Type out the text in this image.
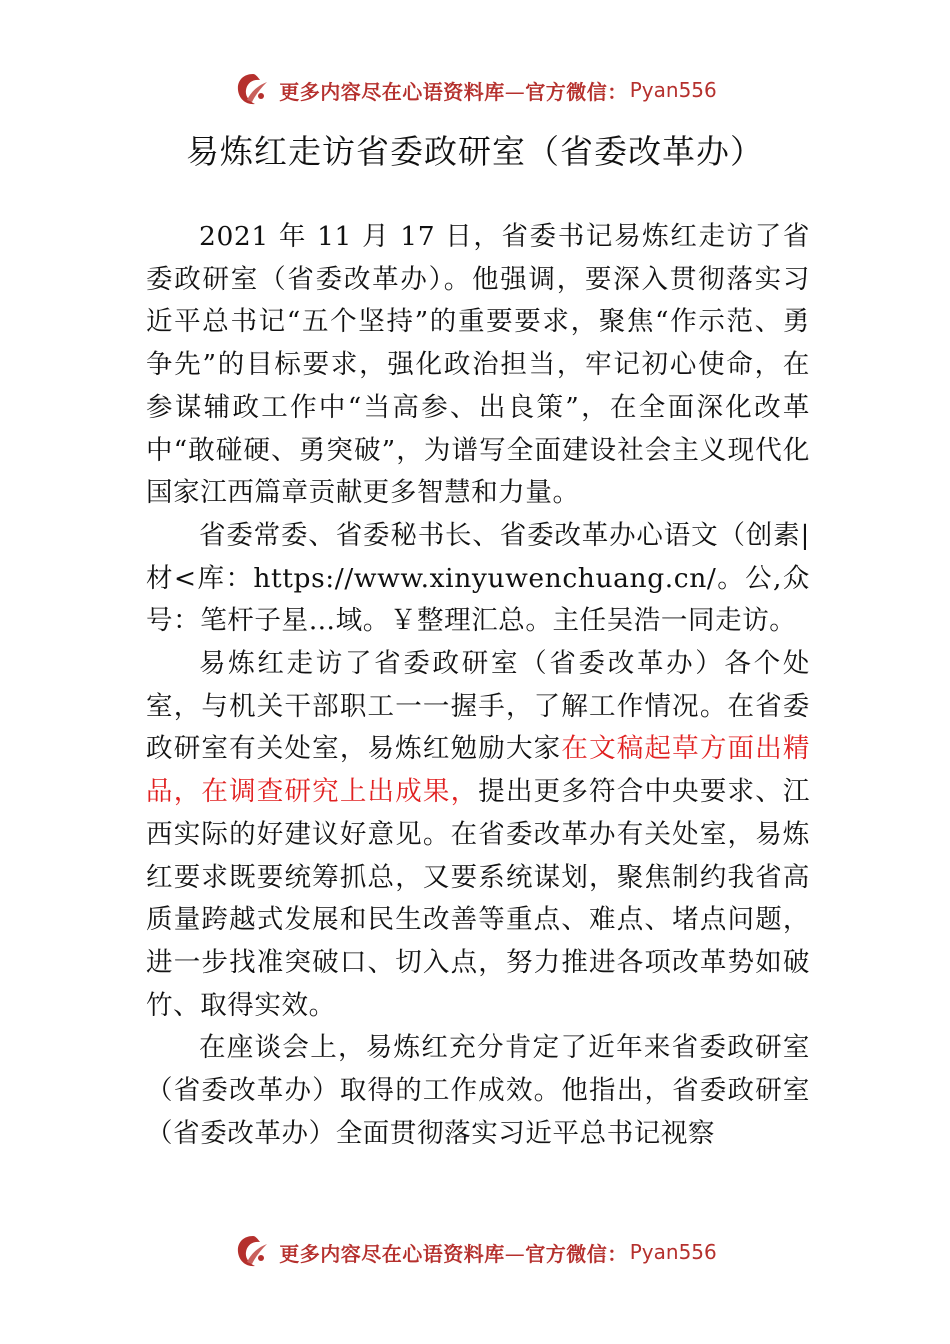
更多内容尽在心语资料库—官方微信： Pyan556
易炼红走访省委政研室（省委改革办）

2021 年 11 月 17 日，省委书记易炼红走访了省委政研室（省委改革办）。他强调，要深入贯彻落实习近平总书记“五个坚持”的重要要求，聚焦“作示范、勇争先”的目标要求，强化政治担当，牢记初心使命，在参谋辅政工作中“当高参、出良策”，在全面深化改革中“敢碰硬、勇突破”，为谱写全面建设社会主义现代化国家江西篇章贡献更多智慧和力量。

省委常委、省委秘书长、省委改革办心语文（创素|材<库：https://www.xinyuwenchuang.cn/。公,众号：笔杆子星…域。￥整理汇总。主任吴浩一同走访。

易炼红走访了省委政研室（省委改革办）各个处室，与机关干部职工一一握手，了解工作情况。在省委政研室有关处室，易炼红勉励大家在文稿起草方面出精品，在调查研究上出成果，提出更多符合中央要求、江西实际的好建议好意见。在省委改革办有关处室，易炼红要求既要统筹抓总，又要系统谋划，聚焦制约我省高质量跨越式发展和民生改善等重点、难点、堵点问题，进一步找准突破口、切入点，努力推进各项改革势如破竹、取得实效。

在座谈会上，易炼红充分肯定了近年来省委政研室（省委改革办）取得的工作成效。他指出，省委政研室（省委改革办）全面贯彻落实习近平总书记视察

更多内容尽在心语资料库—官方微信： Pyan556
